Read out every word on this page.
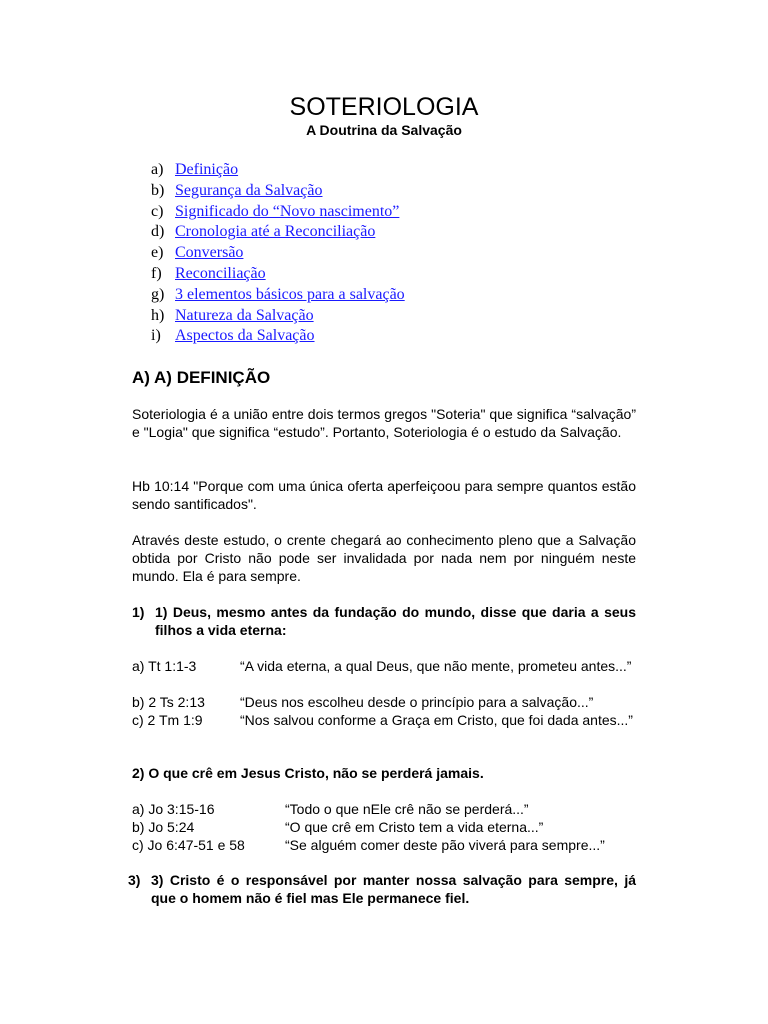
SOTERIOLOGIA
A Doutrina da Salvação
a) Definição
b) Segurança da Salvação
c) Significado do “Novo nascimento”
d) Cronologia até a Reconciliação
e) Conversão
f) Reconciliação
g) 3 elementos básicos para a salvação
h) Natureza da Salvação
i) Aspectos da Salvação
A) A) DEFINIÇÃO
Soteriologia é a união entre dois termos gregos "Soteria" que significa “salvação” e "Logia" que significa “estudo”. Portanto, Soteriologia é o estudo da Salvação.
Hb 10:14 "Porque com uma única oferta aperfeiçoou para sempre quantos estão sendo santificados".
Através deste estudo, o crente chegará ao conhecimento pleno que a Salvação obtida por Cristo não pode ser invalidada por nada nem por ninguém neste mundo. Ela é para sempre.
1) 1) Deus, mesmo antes da fundação do mundo, disse que daria a seus filhos a vida eterna:
a) Tt 1:1-3	“A vida eterna, a qual Deus, que não mente, prometeu antes...”
b) 2 Ts 2:13	“Deus nos escolheu desde o princípio para a salvação...”
c) 2 Tm 1:9	“Nos salvou conforme a Graça em Cristo, que foi dada antes...”
2) O que crê em Jesus Cristo, não se perderá jamais.
a) Jo 3:15-16	“Todo o que nEle crê não se perderá...”
b) Jo 5:24	“O que crê em Cristo tem a vida eterna...”
c) Jo 6:47-51 e 58	“Se alguém comer deste pão viverá para sempre...”
3) 3) Cristo é o responsável por manter nossa salvação para sempre, já que o homem não é fiel mas Ele permanece fiel.
